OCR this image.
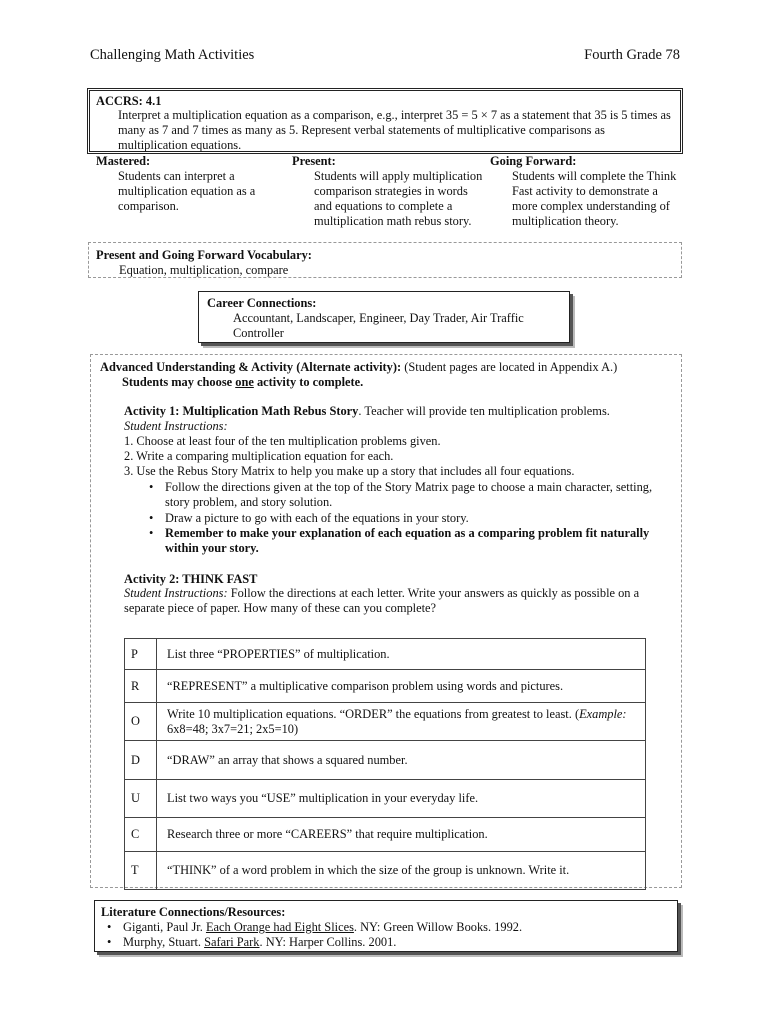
Challenging Math Activities	Fourth Grade 78
ACCRS: 4.1
Interpret a multiplication equation as a comparison, e.g., interpret 35 = 5 × 7 as a statement that 35 is 5 times as many as 7 and 7 times as many as 5. Represent verbal statements of multiplicative comparisons as multiplication equations.
Mastered:
Students can interpret a multiplication equation as a comparison.
Present:
Students will apply multiplication comparison strategies in words and equations to complete a multiplication math rebus story.
Going Forward:
Students will complete the Think Fast activity to demonstrate a more complex understanding of multiplication theory.
Present and Going Forward Vocabulary:
Equation, multiplication, compare
Career Connections:
Accountant, Landscaper, Engineer, Day Trader, Air Traffic Controller
Advanced Understanding & Activity (Alternate activity): (Student pages are located in Appendix A.)
Students may choose one activity to complete.
Activity 1: Multiplication Math Rebus Story. Teacher will provide ten multiplication problems.
Student Instructions:
1. Choose at least four of the ten multiplication problems given.
2. Write a comparing multiplication equation for each.
3. Use the Rebus Story Matrix to help you make up a story that includes all four equations.
• Follow the directions given at the top of the Story Matrix page to choose a main character, setting, story problem, and story solution.
• Draw a picture to go with each of the equations in your story.
• Remember to make your explanation of each equation as a comparing problem fit naturally within your story.
Activity 2: THINK FAST
Student Instructions: Follow the directions at each letter. Write your answers as quickly as possible on a separate piece of paper. How many of these can you complete?
P	List three “PROPERTIES” of multiplication.
R	“REPRESENT” a multiplicative comparison problem using words and pictures.
O	Write 10 multiplication equations. “ORDER” the equations from greatest to least. (Example: 6x8=48; 3x7=21; 2x5=10)
D	“DRAW” an array that shows a squared number.
U	List two ways you “USE” multiplication in your everyday life.
C	Research three or more “CAREERS” that require multiplication.
T	“THINK” of a word problem in which the size of the group is unknown. Write it.
Literature Connections/Resources:
• Giganti, Paul Jr. Each Orange had Eight Slices. NY: Green Willow Books. 1992.
• Murphy, Stuart. Safari Park. NY: Harper Collins. 2001.
